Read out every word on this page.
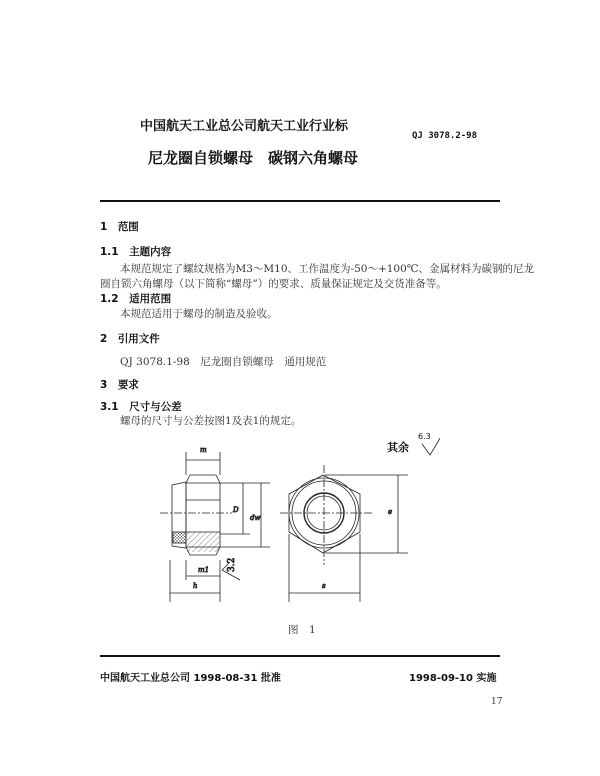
中国航天工业总公司航天工业行业标
QJ 3078.2-98
尼龙圈自锁螺母　碳钢六角螺母
1　 范围
1.1　 主题内容
本规范规定了螺纹规格为M3～M10、工作温度为-50～+100℃、金属材料为碳钢的尼龙
圈自锁六角螺母（以下简称“螺母”）的要求、质量保证规定及交货准备等。
1.2　 适用范围
本规范适用于螺母的制造及验收。
2　 引用文件
QJ 3078.1-98　尼龙圈自锁螺母　通用规范
3　 要求
3.1　 尺寸与公差
螺母的尺寸与公差按图1及表1的规定。
其余
6.3
m
D
dw
m1
h	s
e
3.2
图　1
中国航天工业总公司 1998-08-31 批准	1998-09-10 实施
17
